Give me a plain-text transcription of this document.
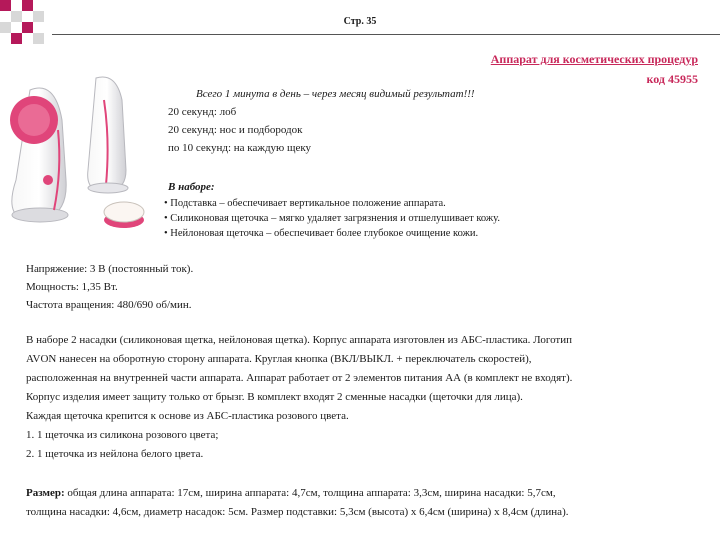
Стр. 35
Аппарат для косметических процедур
код 45955
Всего 1 минута в день – через месяц видимый результат!!!
20 секунд: лоб
20 секунд: нос и подбородок
по 10 секунд: на каждую щеку
В наборе:
• Подставка – обеспечивает вертикальное положение аппарата.
• Силиконовая щеточка – мягко удаляет загрязнения и отшелушивает кожу.
• Нейлоновая щеточка – обеспечивает более глубокое очищение кожи.
Напряжение: 3 В (постоянный ток).
Мощность: 1,35 Вт.
Частота вращения: 480/690 об/мин.
В наборе 2 насадки (силиконовая щетка, нейлоновая щетка). Корпус аппарата изготовлен из АБС-пластика. Логотип
AVON нанесен на оборотную сторону аппарата. Круглая кнопка (ВКЛ/ВЫКЛ. + переключатель скоростей),
расположенная на внутренней части аппарата. Аппарат работает от 2 элементов питания АА (в комплект не входят).
Корпус изделия имеет защиту только от брызг. В комплект входят 2 сменные насадки (щеточки для лица).
Каждая щеточка крепится к основе из АБС-пластика розового цвета.
1. 1 щеточка из силикона розового цвета;
2. 1 щеточка из нейлона белого цвета.
Размер: общая длина аппарата: 17см, ширина аппарата: 4,7см, толщина аппарата: 3,3см, ширина насадки: 5,7см,
толщина насадки: 4,6см, диаметр насадок: 5см. Размер подставки: 5,3см (высота) х 6,4см (ширина) х 8,4см (длина).
